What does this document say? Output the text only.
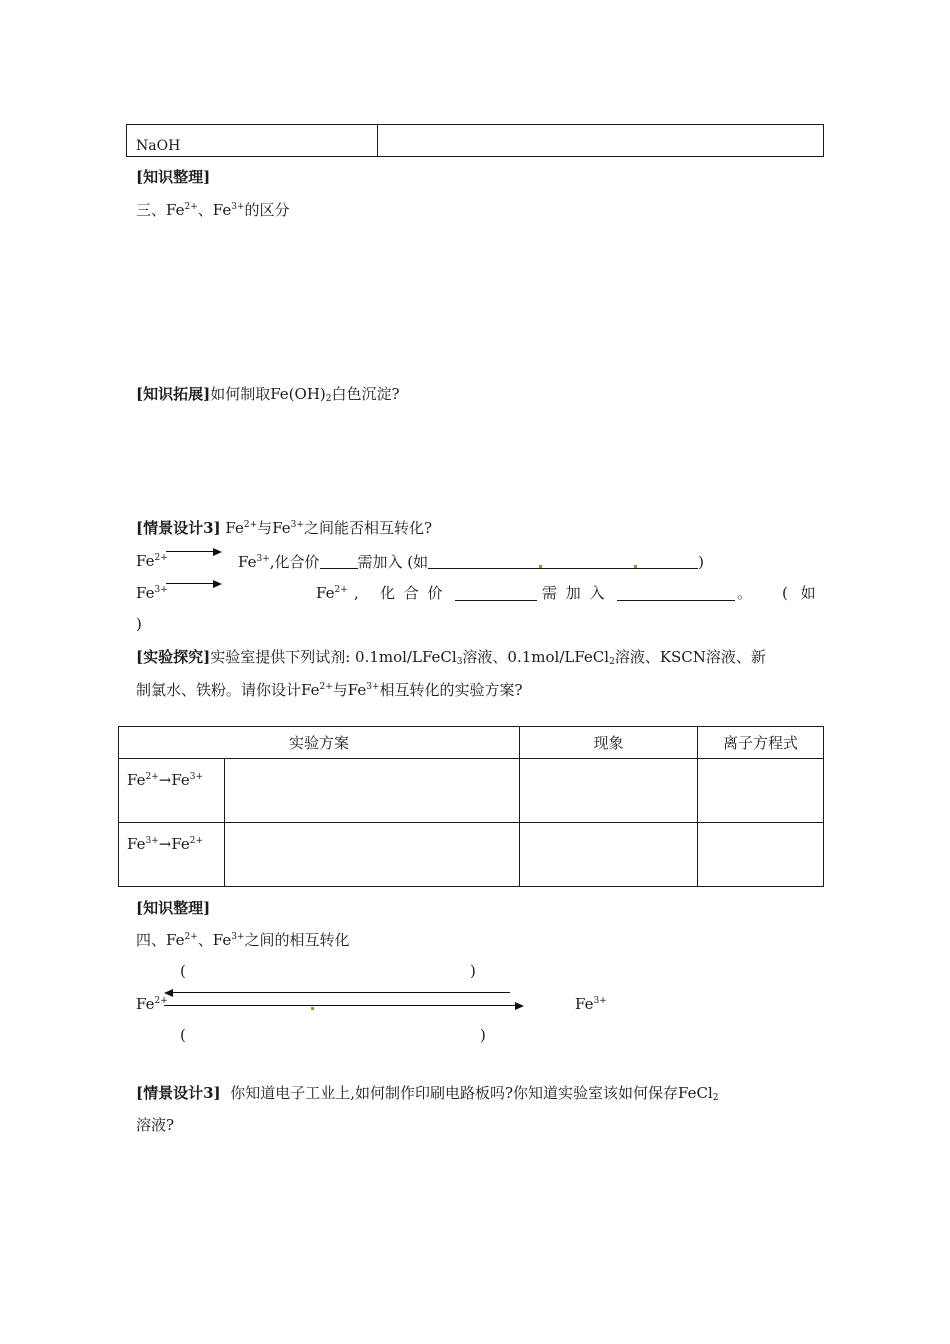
NaOH

[知识整理]
三、$Fe^{2+}$、$Fe^{3+}$的区分
[知识拓展]如何制取$Fe(OH)_2$白色沉淀?
[情景设计3] $Fe^{2+}$与$Fe^{3+}$之间能否相互转化?
$Fe^{2+}$	$Fe^{3+}$,化合价	需加入 (如	)
$Fe^{3+}$	$Fe^{2+}$ , 化 合 价	需 加 入	。 ( 如
)
[实验探究]实验室提供下列试剂: 0.1mol/LFeCl$_3$溶液、0.1mol/LFeCl$_2$溶液、KSCN溶液、新
制氯水、铁粉。请你设计$Fe^{2+}$与$Fe^{3+}$相互转化的实验方案?
实验方案		现象	离子方程式

$Fe^{2+}\to Fe^{3+}$

$Fe^{3+}\to Fe^{2+}$

[知识整理]
四、$Fe^{2+}$、$Fe^{3+}$之间的相互转化
(	)
$Fe^{2+}$	$Fe^{3+}$
(	)
[情景设计3] 你知道电子工业上,如何制作印刷电路板吗?你知道实验室该如何保存FeCl$_2$
溶液?
